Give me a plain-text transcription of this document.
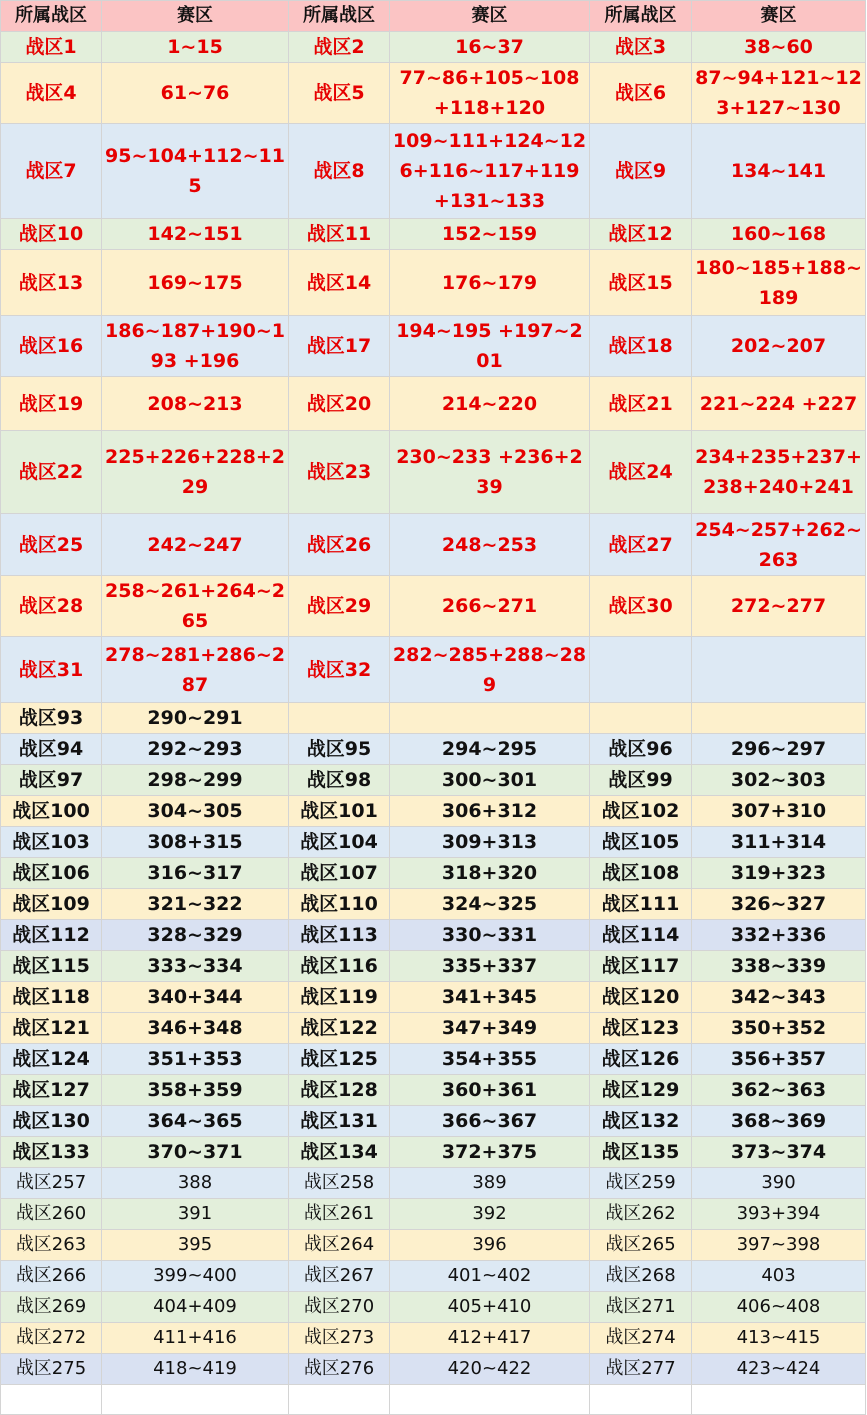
所属战区	赛区	所属战区	赛区	所属战区	赛区
战区1	1~15	战区2	16~37	战区3	38~60
战区4	61~76	战区5	77~86+105~108+118+120	战区6	87~94+121~123+127~130
战区7	95~104+112~115	战区8	109~111+124~126+116~117+119+131~133	战区9	134~141
战区10	142~151	战区11	152~159	战区12	160~168
战区13	169~175	战区14	176~179	战区15	180~185+188~189
战区16	186~187+190~193 +196	战区17	194~195 +197~201	战区18	202~207
战区19	208~213	战区20	214~220	战区21	221~224 +227
战区22	225+226+228+229	战区23	230~233 +236+239	战区24	234+235+237+238+240+241
战区25	242~247	战区26	248~253	战区27	254~257+262~263
战区28	258~261+264~265	战区29	266~271	战区30	272~277
战区31	278~281+286~287	战区32	282~285+288~289		
战区93	290~291				
战区94	292~293	战区95	294~295	战区96	296~297
战区97	298~299	战区98	300~301	战区99	302~303
战区100	304~305	战区101	306+312	战区102	307+310
战区103	308+315	战区104	309+313	战区105	311+314
战区106	316~317	战区107	318+320	战区108	319+323
战区109	321~322	战区110	324~325	战区111	326~327
战区112	328~329	战区113	330~331	战区114	332+336
战区115	333~334	战区116	335+337	战区117	338~339
战区118	340+344	战区119	341+345	战区120	342~343
战区121	346+348	战区122	347+349	战区123	350+352
战区124	351+353	战区125	354+355	战区126	356+357
战区127	358+359	战区128	360+361	战区129	362~363
战区130	364~365	战区131	366~367	战区132	368~369
战区133	370~371	战区134	372+375	战区135	373~374
战区257	388	战区258	389	战区259	390
战区260	391	战区261	392	战区262	393+394
战区263	395	战区264	396	战区265	397~398
战区266	399~400	战区267	401~402	战区268	403
战区269	404+409	战区270	405+410	战区271	406~408
战区272	411+416	战区273	412+417	战区274	413~415
战区275	418~419	战区276	420~422	战区277	423~424
